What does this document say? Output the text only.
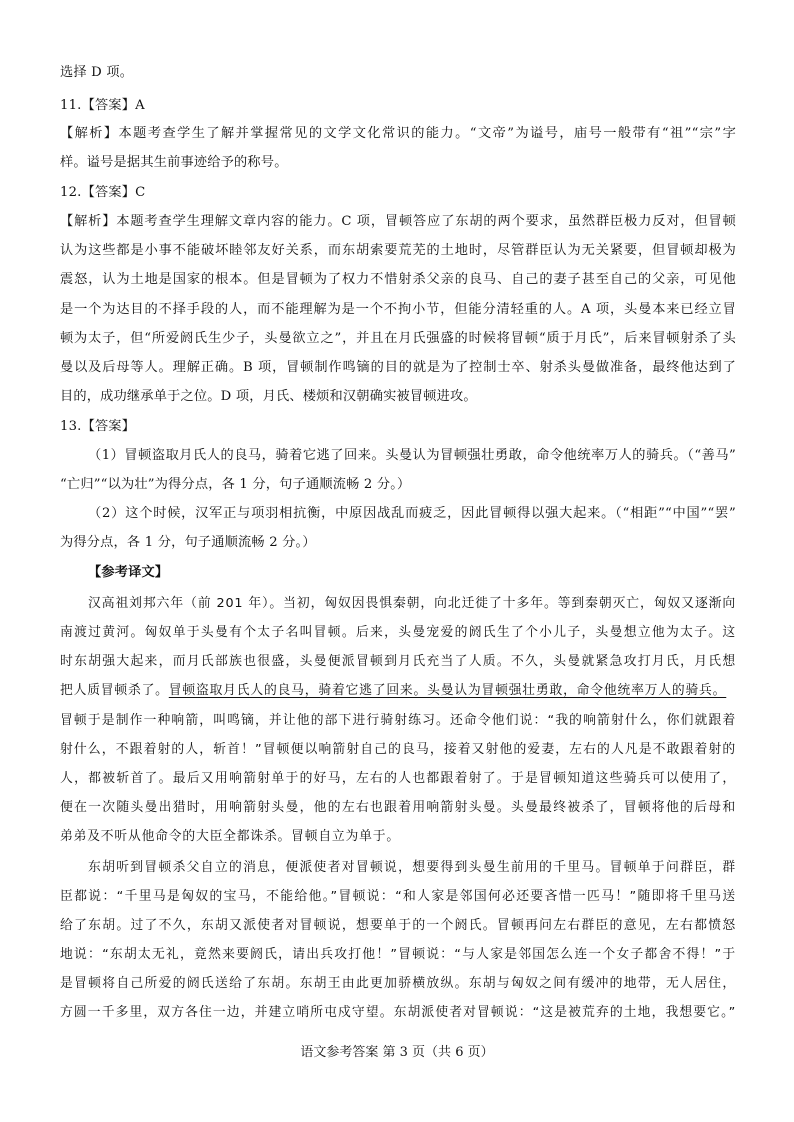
选择 D 项。
11.【答案】A
【解析】本题考查学生了解并掌握常见的文学文化常识的能力。“文帝”为谥号，庙号一般带有“祖”“宗”字
样。谥号是据其生前事迹给予的称号。
12.【答案】C
【解析】本题考查学生理解文章内容的能力。C 项，冒顿答应了东胡的两个要求，虽然群臣极力反对，但冒顿
认为这些都是小事不能破坏睦邻友好关系，而东胡索要荒芜的土地时，尽管群臣认为无关紧要，但冒顿却极为
震怒，认为土地是国家的根本。但是冒顿为了权力不惜射杀父亲的良马、自己的妻子甚至自己的父亲，可见他
是一个为达目的不择手段的人，而不能理解为是一个不拘小节，但能分清轻重的人。A 项，头曼本来已经立冒
顿为太子，但“所爱阏氏生少子，头曼欲立之”，并且在月氏强盛的时候将冒顿“质于月氏”，后来冒顿射杀了头
曼以及后母等人。理解正确。B 项，冒顿制作鸣镝的目的就是为了控制士卒、射杀头曼做准备，最终他达到了
目的，成功继承单于之位。D 项，月氏、楼烦和汉朝确实被冒顿进攻。
13.【答案】
（1）冒顿盗取月氏人的良马，骑着它逃了回来。头曼认为冒顿强壮勇敢，命令他统率万人的骑兵。（“善马”
“亡归”“以为壮”为得分点，各 1 分，句子通顺流畅 2 分。）
（2）这个时候，汉军正与项羽相抗衡，中原因战乱而疲乏，因此冒顿得以强大起来。（“相距”“中国”“罢”
为得分点，各 1 分，句子通顺流畅 2 分。）
【参考译文】
汉高祖刘邦六年（前 201 年）。当初，匈奴因畏惧秦朝，向北迁徙了十多年。等到秦朝灭亡，匈奴又逐渐向
南渡过黄河。匈奴单于头曼有个太子名叫冒顿。后来，头曼宠爱的阏氏生了个小儿子，头曼想立他为太子。这
时东胡强大起来，而月氏部族也很盛，头曼便派冒顿到月氏充当了人质。不久，头曼就紧急攻打月氏，月氏想
把人质冒顿杀了。冒顿盗取月氏人的良马，骑着它逃了回来。头曼认为冒顿强壮勇敢，命令他统率万人的骑兵。
冒顿于是制作一种响箭，叫鸣镝，并让他的部下进行骑射练习。还命令他们说：“我的响箭射什么，你们就跟着
射什么，不跟着射的人，斩首！”冒顿便以响箭射自己的良马，接着又射他的爱妻，左右的人凡是不敢跟着射的
人，都被斩首了。最后又用响箭射单于的好马，左右的人也都跟着射了。于是冒顿知道这些骑兵可以使用了，
便在一次随头曼出猎时，用响箭射头曼，他的左右也跟着用响箭射头曼。头曼最终被杀了，冒顿将他的后母和
弟弟及不听从他命令的大臣全都诛杀。冒顿自立为单于。
东胡听到冒顿杀父自立的消息，便派使者对冒顿说，想要得到头曼生前用的千里马。冒顿单于问群臣，群
臣都说：“千里马是匈奴的宝马，不能给他。”冒顿说：“和人家是邻国何必还要吝惜一匹马！”随即将千里马送
给了东胡。过了不久，东胡又派使者对冒顿说，想要单于的一个阏氏。冒顿再问左右群臣的意见，左右都愤怒
地说：“东胡太无礼，竟然来要阏氏，请出兵攻打他！”冒顿说：“与人家是邻国怎么连一个女子都舍不得！”于
是冒顿将自己所爱的阏氏送给了东胡。东胡王由此更加骄横放纵。东胡与匈奴之间有缓冲的地带，无人居住，
方圆一千多里，双方各住一边，并建立哨所屯戍守望。东胡派使者对冒顿说：“这是被荒弃的土地，我想要它。”
语文参考答案 第 3 页（共 6 页）
